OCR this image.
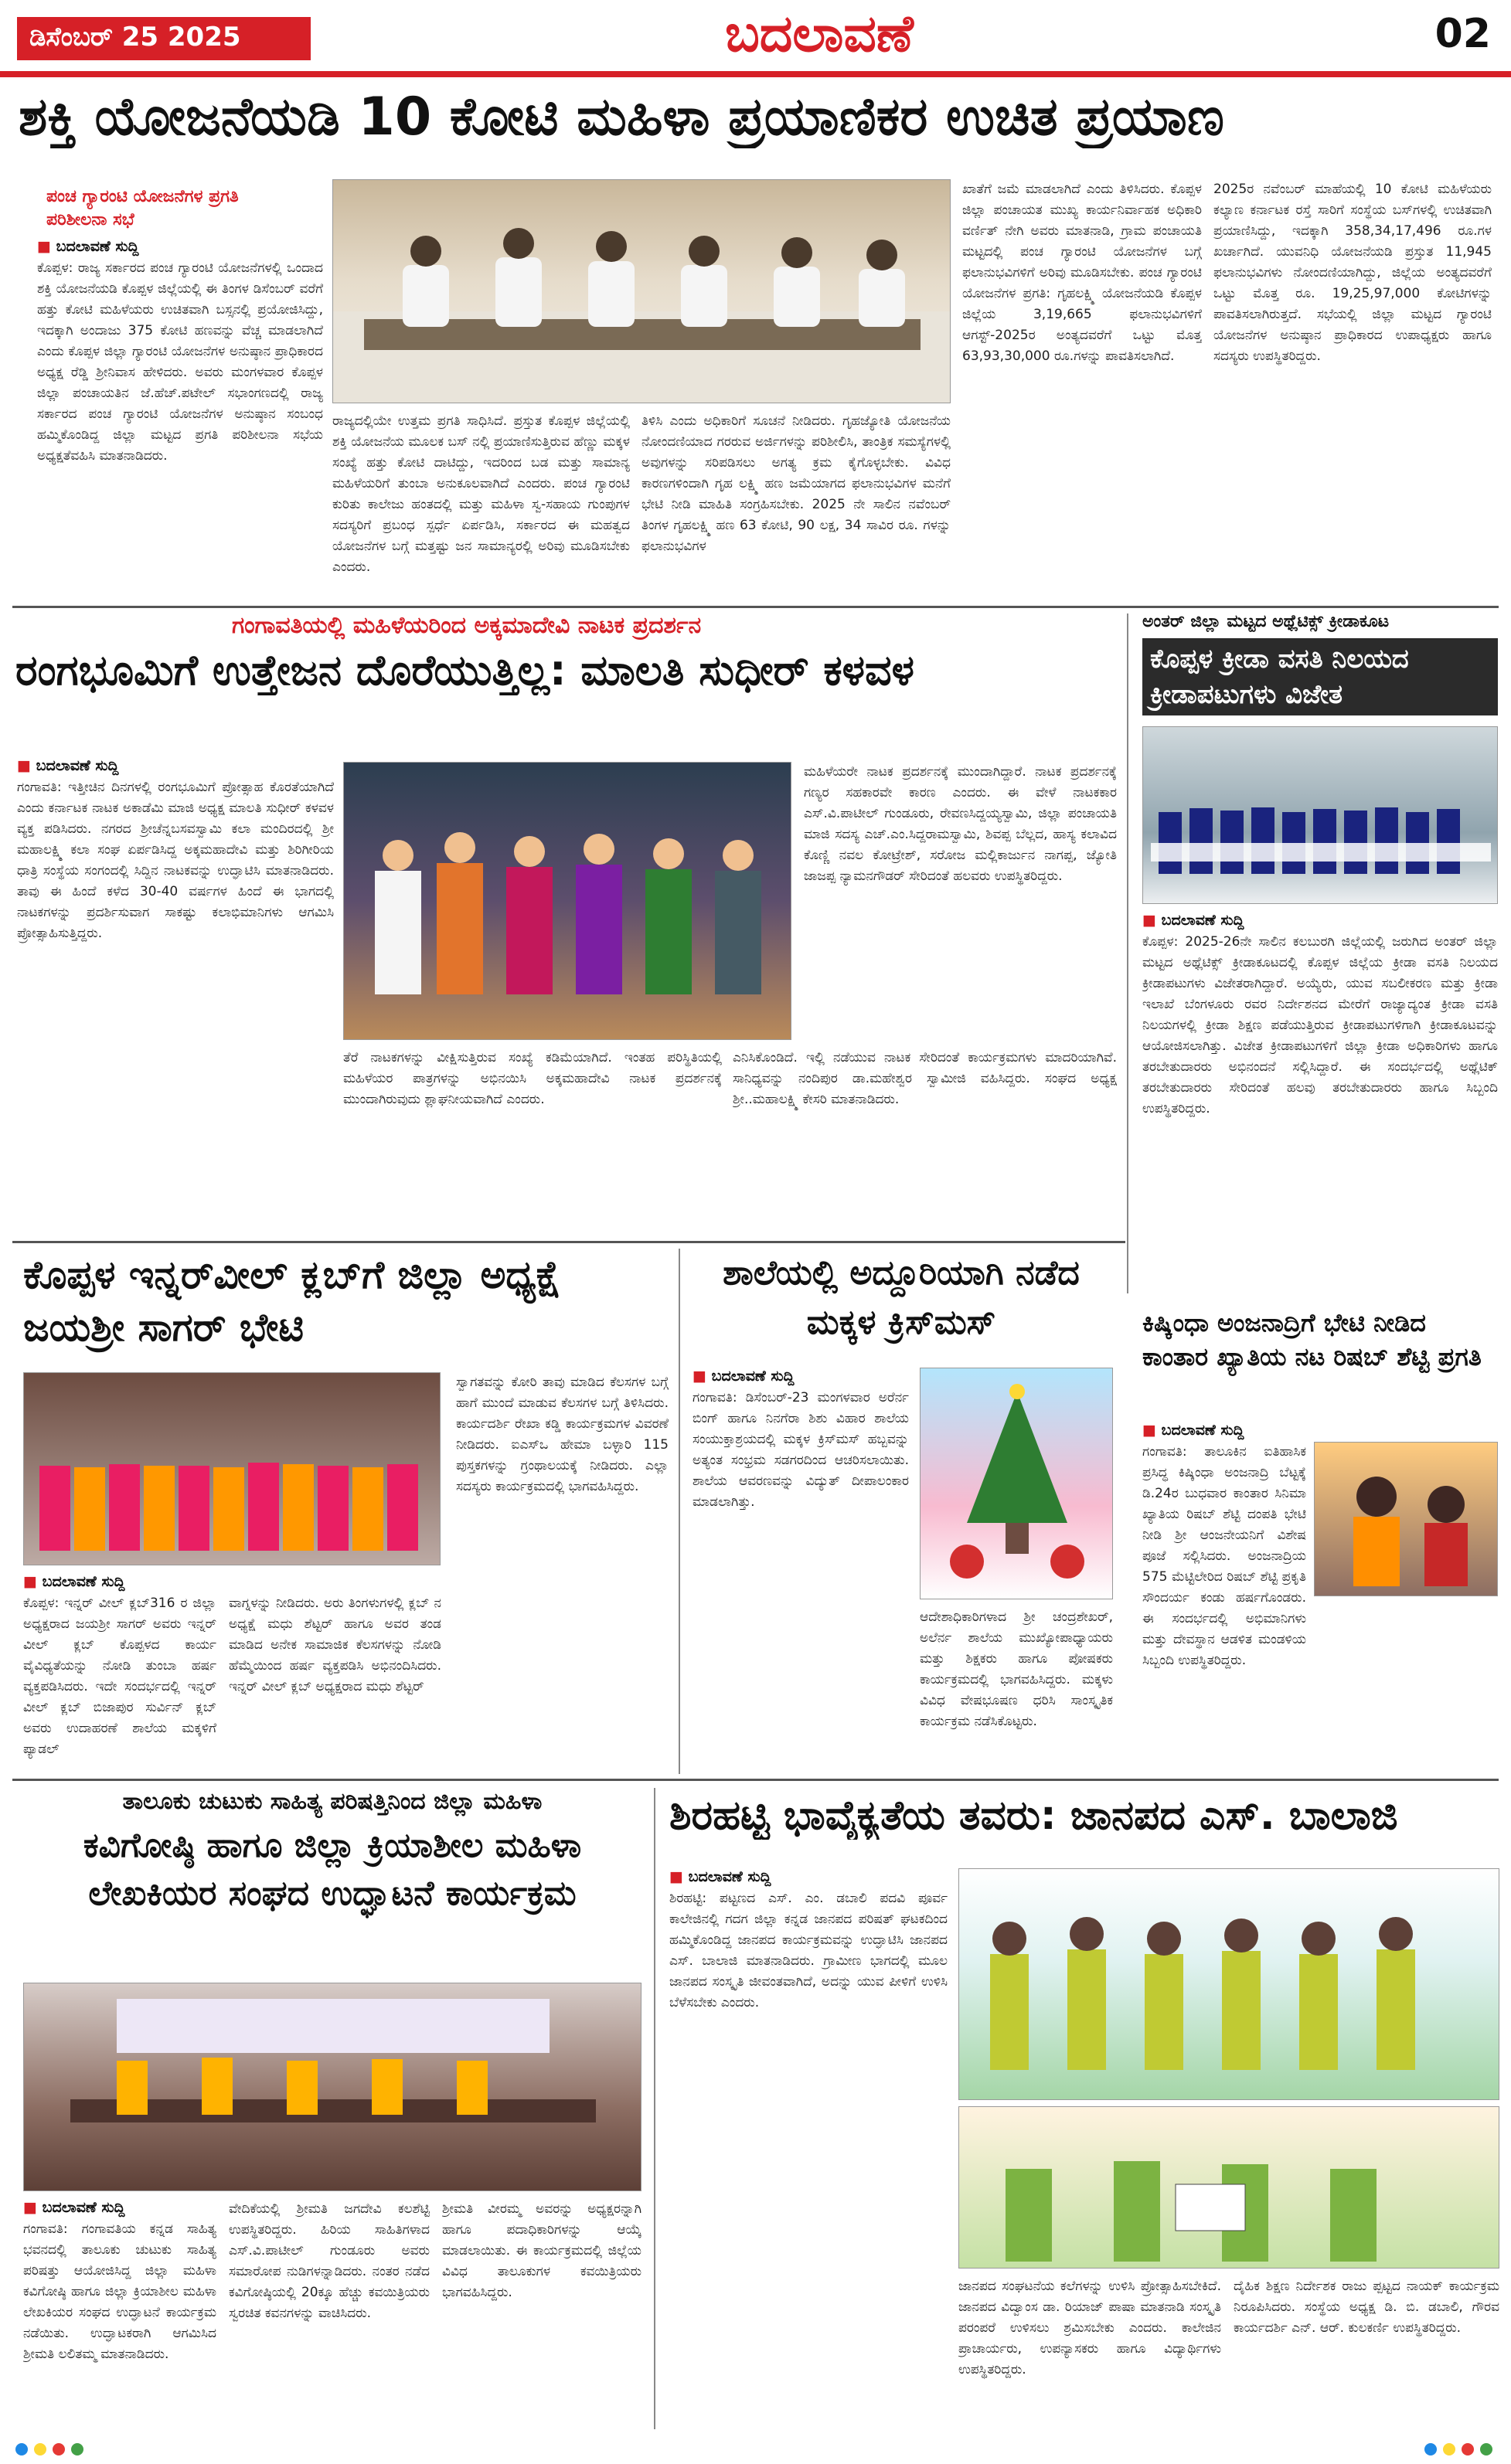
ಡಿಸೆಂಬರ್ 25 2025	ಬದಲಾವಣೆ	02
ಶಕ್ತಿ ಯೋಜನೆಯಡಿ 10 ಕೋಟಿ ಮಹಿಳಾ ಪ್ರಯಾಣಿಕರ ಉಚಿತ ಪ್ರಯಾಣ
ಪಂಚ ಗ್ಯಾರಂಟಿ ಯೋಜನೆಗಳ ಪ್ರಗತಿ ಪರಿಶೀಲನಾ ಸಭೆ
■ ಬದಲಾವಣೆ ಸುದ್ದಿ
ಕೊಪ್ಪಳ: ರಾಜ್ಯ ಸರ್ಕಾರದ ಪಂಚ ಗ್ಯಾರಂಟಿ ಯೋಜನೆಗಳಲ್ಲಿ ಒಂದಾದ ಶಕ್ತಿ ಯೋಜನೆಯಡಿ ಕೊಪ್ಪಳ ಜಿಲ್ಲೆಯಲ್ಲಿ ಈ ತಿಂಗಳ ಡಿಸೆಂಬರ್ ವರೆಗೆ ಹತ್ತು ಕೋಟಿ ಮಹಿಳೆಯರು ಉಚಿತವಾಗಿ ಬಸ್ಸನಲ್ಲಿ ಪ್ರಯೋಜಿಸಿದ್ದು, ಇದಕ್ಕಾಗಿ ಅಂದಾಜು 375 ಕೋಟಿ ಹಣವನ್ನು ವೆಚ್ಚ ಮಾಡಲಾಗಿದೆ ಎಂದು ಕೊಪ್ಪಳ ಜಿಲ್ಲಾ ಗ್ಯಾರಂಟಿ ಯೋಜನೆಗಳ ಅನುಷ್ಠಾನ ಪ್ರಾಧಿಕಾರದ ಅಧ್ಯಕ್ಷ ರೆಡ್ಡಿ ಶ್ರೀನಿವಾಸ ಹೇಳಿದರು. ಅವರು ಮಂಗಳವಾರ ಕೊಪ್ಪಳ ಜಿಲ್ಲಾ ಪಂಚಾಯತಿನ ಜೆ.ಹೆಚ್.ಪಟೇಲ್ ಸಭಾಂಗಣದಲ್ಲಿ ರಾಜ್ಯ ಸರ್ಕಾರದ ಪಂಚ ಗ್ಯಾರಂಟಿ ಯೋಜನೆಗಳ ಅನುಷ್ಠಾನ ಸಂಬಂಧ ಹಮ್ಮಿಕೊಂಡಿದ್ದ ಜಿಲ್ಲಾ ಮಟ್ಟದ ಪ್ರಗತಿ ಪರಿಶೀಲನಾ ಸಭೆಯ ಅಧ್ಯಕ್ಷತೆವಹಿಸಿ ಮಾತನಾಡಿದರು.
ರಾಜ್ಯದಲ್ಲಿಯೇ ಉತ್ತಮ ಪ್ರಗತಿ ಸಾಧಿಸಿದೆ. ಪ್ರಸ್ತುತ ಕೊಪ್ಪಳ ಜಿಲ್ಲೆಯಲ್ಲಿ ಶಕ್ತಿ ಯೋಜನೆಯ ಮೂಲಕ ಬಸ್ ನಲ್ಲಿ ಪ್ರಯಾಣಿಸುತ್ತಿರುವ ಹೆಣ್ಣು ಮಕ್ಕಳ ಸಂಖ್ಯೆ ಹತ್ತು ಕೋಟಿ ದಾಟಿದ್ದು, ಇದರಿಂದ ಬಡ ಮತ್ತು ಸಾಮಾನ್ಯ ಮಹಿಳೆಯರಿಗೆ ತುಂಬಾ ಅನುಕೂಲವಾಗಿದೆ ಎಂದರು. ಪಂಚ ಗ್ಯಾರಂಟಿ ಕುರಿತು ಕಾಲೇಜು ಹಂತದಲ್ಲಿ ಮತ್ತು ಮಹಿಳಾ ಸ್ವ-ಸಹಾಯ ಗುಂಪುಗಳ ಸದಸ್ಯರಿಗೆ ಪ್ರಬಂಧ ಸ್ಪರ್ಧೆ ಏರ್ಪಡಿಸಿ, ಸರ್ಕಾರದ ಈ ಮಹತ್ವದ ಯೋಜನೆಗಳ ಬಗ್ಗೆ ಮತ್ತಷ್ಟು ಜನ ಸಾಮಾನ್ಯರಲ್ಲಿ ಅರಿವು ಮೂಡಿಸಬೇಕು ಎಂದರು.
ತಿಳಿಸಿ ಎಂದು ಅಧಿಕಾರಿಗೆ ಸೂಚನೆ ನೀಡಿದರು. ಗೃಹಜ್ಯೋತಿ ಯೋಜನೆಯ ನೋಂದಣಿಯಾದ ಗರರುವ ಅರ್ಜಿಗಳನ್ನು ಪರಿಶೀಲಿಸಿ, ತಾಂತ್ರಿಕ ಸಮಸ್ಯೆಗಳಲ್ಲಿ ಅವುಗಳನ್ನು ಸರಿಪಡಿಸಲು ಅಗತ್ಯ ಕ್ರಮ ಕೈಗೊಳ್ಳಬೇಕು. ವಿವಿಧ ಕಾರಣಗಳಿಂದಾಗಿ ಗೃಹ ಲಕ್ಷ್ಮಿ ಹಣ ಜಮೆಯಾಗದ ಫಲಾನುಭವಿಗಳ ಮನೆಗೆ ಭೇಟಿ ನೀಡಿ ಮಾಹಿತಿ ಸಂಗ್ರಹಿಸಬೇಕು. 2025 ನೇ ಸಾಲಿನ ನವೆಂಬರ್ ತಿಂಗಳ ಗೃಹಲಕ್ಷ್ಮಿ ಹಣ 63 ಕೋಟಿ, 90 ಲಕ್ಷ, 34 ಸಾವಿರ ರೂ. ಗಳನ್ನು ಫಲಾನುಭವಿಗಳ
ಖಾತೆಗೆ ಜಮೆ ಮಾಡಲಾಗಿದೆ ಎಂದು ತಿಳಿಸಿದರು. ಕೊಪ್ಪಳ ಜಿಲ್ಲಾ ಪಂಚಾಯತ ಮುಖ್ಯ ಕಾರ್ಯನಿರ್ವಾಹಕ ಅಧಿಕಾರಿ ವರ್ಣಿತ್ ನೇಗಿ ಅವರು ಮಾತನಾಡಿ, ಗ್ರಾಮ ಪಂಚಾಯತಿ ಮಟ್ಟದಲ್ಲಿ ಪಂಚ ಗ್ಯಾರಂಟಿ ಯೋಜನೆಗಳ ಬಗ್ಗೆ ಫಲಾನುಭವಿಗಳಿಗೆ ಅರಿವು ಮೂಡಿಸಬೇಕು. ಪಂಚ ಗ್ಯಾರಂಟಿ ಯೋಜನೆಗಳ ಪ್ರಗತಿ: ಗೃಹಲಕ್ಷ್ಮಿ ಯೋಜನೆಯಡಿ ಕೊಪ್ಪಳ ಜಿಲ್ಲೆಯ 3,19,665 ಫಲಾನುಭವಿಗಳಿಗೆ ಆಗಸ್ಟ್-2025ರ ಅಂತ್ಯದವರೆಗೆ ಒಟ್ಟು ಮೊತ್ತ 63,93,30,000 ರೂ.ಗಳನ್ನು ಪಾವತಿಸಲಾಗಿದೆ.
2025ರ ನವೆಂಬರ್ ಮಾಹೆಯಲ್ಲಿ 10 ಕೋಟಿ ಮಹಿಳೆಯರು ಕಲ್ಯಾಣ ಕರ್ನಾಟಕ ರಸ್ತೆ ಸಾರಿಗೆ ಸಂಸ್ಥೆಯ ಬಸ್‌ಗಳಲ್ಲಿ ಉಚಿತವಾಗಿ ಪ್ರಯಾಣಿಸಿದ್ದು, ಇದಕ್ಕಾಗಿ 358,34,17,496 ರೂ.ಗಳ ಖರ್ಚಾಗಿದೆ. ಯುವನಿಧಿ ಯೋಜನೆಯಡಿ ಪ್ರಸ್ತುತ 11,945 ಫಲಾನುಭವಿಗಳು ನೋಂದಣಿಯಾಗಿದ್ದು, ಜಿಲ್ಲೆಯ ಅಂತ್ಯದವರೆಗೆ ಒಟ್ಟು ಮೊತ್ತ ರೂ. 19,25,97,000 ಕೋಟಿಗಳನ್ನು ಪಾವತಿಸಲಾಗಿರುತ್ತದೆ. ಸಭೆಯಲ್ಲಿ ಜಿಲ್ಲಾ ಮಟ್ಟದ ಗ್ಯಾರಂಟಿ ಯೋಜನೆಗಳ ಅನುಷ್ಠಾನ ಪ್ರಾಧಿಕಾರದ ಉಪಾಧ್ಯಕ್ಷರು ಹಾಗೂ ಸದಸ್ಯರು ಉಪಸ್ಥಿತರಿದ್ದರು.
ಗಂಗಾವತಿಯಲ್ಲಿ ಮಹಿಳೆಯರಿಂದ ಅಕ್ಕಮಾದೇವಿ ನಾಟಕ ಪ್ರದರ್ಶನ
ರಂಗಭೂಮಿಗೆ ಉತ್ತೇಜನ ದೊರೆಯುತ್ತಿಲ್ಲ: ಮಾಲತಿ ಸುಧೀರ್ ಕಳವಳ
■ ಬದಲಾವಣೆ ಸುದ್ದಿ
ಗಂಗಾವತಿ: ಇತ್ತೀಚಿನ ದಿನಗಳಲ್ಲಿ ರಂಗಭೂಮಿಗೆ ಪ್ರೋತ್ಸಾಹ ಕೊರತೆಯಾಗಿದೆ ಎಂದು ಕರ್ನಾಟಕ ನಾಟಕ ಅಕಾಡೆಮಿ ಮಾಜಿ ಅಧ್ಯಕ್ಷ ಮಾಲತಿ ಸುಧೀರ್ ಕಳವಳ ವ್ಯಕ್ತ ಪಡಿಸಿದರು. ನಗರದ ಶ್ರೀಚೆನ್ನಬಸವಸ್ವಾಮಿ ಕಲಾ ಮಂದಿರದಲ್ಲಿ ಶ್ರೀ ಮಹಾಲಕ್ಷ್ಮಿ ಕಲಾ ಸಂಘ ಏರ್ಪಡಿಸಿದ್ದ ಅಕ್ಕಮಹಾದೇವಿ ಮತ್ತು ಶಿರಿಗೀರಿಯ ಧಾತ್ರಿ ಸಂಸ್ಥೆಯ ಸಂಗಂದಲ್ಲಿ ಸಿದ್ದಿನ ನಾಟಕವನ್ನು ಉದ್ಘಾಟಿಸಿ ಮಾತನಾಡಿದರು. ತಾವು ಈ ಹಿಂದೆ ಕಳೆದ 30-40 ವರ್ಷಗಳ ಹಿಂದೆ ಈ ಭಾಗದಲ್ಲಿ ನಾಟಕಗಳನ್ನು ಪ್ರದರ್ಶಿಸುವಾಗ ಸಾಕಷ್ಟು ಕಲಾಭಿಮಾನಿಗಳು ಆಗಮಿಸಿ ಪ್ರೋತ್ಸಾಹಿಸುತ್ತಿದ್ದರು.
ಮಹಿಳೆಯರೇ ನಾಟಕ ಪ್ರದರ್ಶನಕ್ಕೆ ಮುಂದಾಗಿದ್ದಾರೆ. ನಾಟಕ ಪ್ರದರ್ಶನಕ್ಕೆ ಗಣ್ಯರ ಸಹಕಾರವೇ ಕಾರಣ ಎಂದರು. ಈ ವೇಳೆ ನಾಟಕಕಾರ ಎಸ್.ವಿ.ಪಾಟೀಲ್ ಗುಂಡೂರು, ರೇವಣಸಿದ್ದಯ್ಯಸ್ವಾಮಿ, ಜಿಲ್ಲಾ ಪಂಚಾಯತಿ ಮಾಜಿ ಸದಸ್ಯ ಎಚ್.ಎಂ.ಸಿದ್ದರಾಮಸ್ವಾಮಿ, ಶಿವಪ್ಪ ಬೆಲ್ಲದ, ಹಾಸ್ಯ ಕಲಾವಿದ ಕೊಣ್ಣಿ ನವಲ ಕೋಟ್ರೇಶ್, ಸರೋಜ ಮಲ್ಲಿಕಾರ್ಜುನ ನಾಗಪ್ಪ, ಜ್ಯೋತಿ ಜಾಜಪ್ಪ ನ್ಯಾಮನಗೌಡರ್ ಸೇರಿದಂತೆ ಹಲವರು ಉಪಸ್ಥಿತರಿದ್ದರು.
ತೆರೆ ನಾಟಕಗಳನ್ನು ವೀಕ್ಷಿಸುತ್ತಿರುವ ಸಂಖ್ಯೆ ಕಡಿಮೆಯಾಗಿದೆ. ಇಂತಹ ಪರಿಸ್ಥಿತಿಯಲ್ಲಿ ಮಹಿಳೆಯರ ಪಾತ್ರಗಳನ್ನು ಅಭಿನಯಿಸಿ ಅಕ್ಕಮಹಾದೇವಿ ನಾಟಕ ಪ್ರದರ್ಶನಕ್ಕೆ ಮುಂದಾಗಿರುವುದು ಶ್ಲಾಘನೀಯವಾಗಿದೆ ಎಂದರು.
ಎನಿಸಿಕೊಂಡಿದೆ. ಇಲ್ಲಿ ನಡೆಯುವ ನಾಟಕ ಸೇರಿದಂತೆ ಕಾರ್ಯಕ್ರಮಗಳು ಮಾದರಿಯಾಗಿವೆ. ಸಾನಿಧ್ಯವನ್ನು ನಂದಿಪುರ ಡಾ.ಮಹೇಶ್ವರ ಸ್ವಾಮೀಜಿ ವಹಿಸಿದ್ದರು. ಸಂಘದ ಅಧ್ಯಕ್ಷ ಶ್ರೀ..ಮಹಾಲಕ್ಷ್ಮಿ ಕೇಸರಿ ಮಾತನಾಡಿದರು.
ಅಂತರ್ ಜಿಲ್ಲಾ ಮಟ್ಟದ ಅಥ್ಲೆಟಿಕ್ಸ್ ಕ್ರೀಡಾಕೂಟ
ಕೊಪ್ಪಳ ಕ್ರೀಡಾ ವಸತಿ ನಿಲಯದ ಕ್ರೀಡಾಪಟುಗಳು ವಿಜೇತ
■ ಬದಲಾವಣೆ ಸುದ್ದಿ
ಕೊಪ್ಪಳ: 2025-26ನೇ ಸಾಲಿನ ಕಲಬುರಗಿ ಜಿಲ್ಲೆಯಲ್ಲಿ ಜರುಗಿದ ಅಂತರ್ ಜಿಲ್ಲಾ ಮಟ್ಟದ ಅಥ್ಲೆಟಿಕ್ಸ್ ಕ್ರೀಡಾಕೂಟದಲ್ಲಿ ಕೊಪ್ಪಳ ಜಿಲ್ಲೆಯ ಕ್ರೀಡಾ ವಸತಿ ನಿಲಯದ ಕ್ರೀಡಾಪಟುಗಳು ವಿಜೇತರಾಗಿದ್ದಾರೆ. ಅಯ್ಯೆರು, ಯುವ ಸಬಲೀಕರಣ ಮತ್ತು ಕ್ರೀಡಾ ಇಲಾಖೆ ಬೆಂಗಳೂರು ರವರ ನಿರ್ದೇಶನದ ಮೇರೆಗೆ ರಾಜ್ಯಾದ್ಯಂತ ಕ್ರೀಡಾ ವಸತಿ ನಿಲಯಗಳಲ್ಲಿ ಕ್ರೀಡಾ ಶಿಕ್ಷಣ ಪಡೆಯುತ್ತಿರುವ ಕ್ರೀಡಾಪಟುಗಳಿಗಾಗಿ ಕ್ರೀಡಾಕೂಟವನ್ನು ಆಯೋಜಿಸಲಾಗಿತ್ತು. ವಿಜೇತ ಕ್ರೀಡಾಪಟುಗಳಿಗೆ ಜಿಲ್ಲಾ ಕ್ರೀಡಾ ಅಧಿಕಾರಿಗಳು ಹಾಗೂ ತರಬೇತುದಾರರು ಅಭಿನಂದನೆ ಸಲ್ಲಿಸಿದ್ದಾರೆ. ಈ ಸಂದರ್ಭದಲ್ಲಿ ಅಥ್ಲೆಟಿಕ್ ತರಬೇತುದಾರರು ಸೇರಿದಂತೆ ಹಲವು ತರಬೇತುದಾರರು ಹಾಗೂ ಸಿಬ್ಬಂದಿ ಉಪಸ್ಥಿತರಿದ್ದರು.
ಕೊಪ್ಪಳ ಇನ್ನರ್‌ವೀಲ್ ಕ್ಲಬ್‌ಗೆ ಜಿಲ್ಲಾ ಅಧ್ಯಕ್ಷೆ ಜಯಶ್ರೀ ಸಾಗರ್ ಭೇಟಿ
■ ಬದಲಾವಣೆ ಸುದ್ದಿ
ಕೊಪ್ಪಳ: ಇನ್ನರ್ ವೀಲ್ ಕ್ಲಬ್316 ರ ಜಿಲ್ಲಾ ಅಧ್ಯಕ್ಷರಾದ ಜಯಶ್ರೀ ಸಾಗರ್ ಅವರು ಇನ್ನರ್ ವೀಲ್ ಕ್ಲಬ್ ಕೊಪ್ಪಳದ ಕಾರ್ಯ ವೈವಿಧ್ಯತೆಯನ್ನು ನೋಡಿ ತುಂಬಾ ಹರ್ಷ ವ್ಯಕ್ತಪಡಿಸಿದರು. ಇದೇ ಸಂದರ್ಭದಲ್ಲಿ ಇನ್ನರ್ ವೀಲ್ ಕ್ಲಬ್ ಬಿಜಾಪುರ ಸುರ್ವಿನ್ ಕ್ಲಬ್ ಅವರು ಉದಾಹರಣೆ ಶಾಲೆಯ ಮಕ್ಕಳಿಗೆ ಪ್ಯಾಡಲ್
ವಾಗ್ನಳನ್ನು ನೀಡಿದರು. ಅರು ತಿಂಗಳುಗಳಲ್ಲಿ ಕ್ಲಬ್ ನ ಅಧ್ಯಕ್ಷೆ ಮಧು ಶೆಟ್ಟರ್ ಹಾಗೂ ಅವರ ತಂಡ ಮಾಡಿದ ಅನೇಕ ಸಾಮಾಜಿಕ ಕೆಲಸಗಳನ್ನು ನೋಡಿ ಹೆಮ್ಮೆಯಿಂದ ಹರ್ಷ ವ್ಯಕ್ತಪಡಿಸಿ ಅಭಿನಂದಿಸಿದರು. ಇನ್ನರ್ ವೀಲ್ ಕ್ಲಬ್ ಅಧ್ಯಕ್ಷರಾದ ಮಧು ಶೆಟ್ಟರ್
ಸ್ವಾಗತವನ್ನು ಕೋರಿ ತಾವು ಮಾಡಿದ ಕೆಲಸಗಳ ಬಗ್ಗೆ ಹಾಗೆ ಮುಂದೆ ಮಾಡುವ ಕೆಲಸಗಳ ಬಗ್ಗೆ ತಿಳಿಸಿದರು. ಕಾರ್ಯದರ್ಶಿ ರೇಖಾ ಕಡ್ಡಿ ಕಾರ್ಯಕ್ರಮಗಳ ವಿವರಣೆ ನೀಡಿದರು. ಐಎಸ್‌ಒ ಹೇಮಾ ಬಳ್ಳಾರಿ 115 ಪುಸ್ತಕಗಳನ್ನು ಗ್ರಂಥಾಲಯಕ್ಕೆ ನೀಡಿದರು. ಎಲ್ಲಾ ಸದಸ್ಯರು ಕಾರ್ಯಕ್ರಮದಲ್ಲಿ ಭಾಗವಹಿಸಿದ್ದರು.
ಶಾಲೆಯಲ್ಲಿ ಅದ್ದೂರಿಯಾಗಿ ನಡೆದ ಮಕ್ಕಳ ಕ್ರಿಸ್‌ಮಸ್
■ ಬದಲಾವಣೆ ಸುದ್ದಿ
ಗಂಗಾವತಿ: ಡಿಸೆಂಬರ್-23 ಮಂಗಳವಾರ ಅರೆರ್ನ ಬಿಂಗ್ ಹಾಗೂ ನಿನಗೆರಾ ಶಿಶು ವಿಹಾರ ಶಾಲೆಯ ಸಂಯುಕ್ತಾಶ್ರಯದಲ್ಲಿ ಮಕ್ಕಳ ಕ್ರಿಸ್‌ಮಸ್ ಹಬ್ಬವನ್ನು ಅತ್ಯಂತ ಸಂಭ್ರಮ ಸಡಗರದಿಂದ ಆಚರಿಸಲಾಯಿತು. ಶಾಲೆಯ ಆವರಣವನ್ನು ವಿದ್ಯುತ್ ದೀಪಾಲಂಕಾರ ಮಾಡಲಾಗಿತ್ತು.
ಆದೇಶಾಧಿಕಾರಿಗಳಾದ ಶ್ರೀ ಚಂದ್ರಶೇಖರ್, ಅಲೆರ್ನ ಶಾಲೆಯ ಮುಖ್ಯೋಪಾಧ್ಯಾಯರು ಮತ್ತು ಶಿಕ್ಷಕರು ಹಾಗೂ ಪೋಷಕರು ಕಾರ್ಯಕ್ರಮದಲ್ಲಿ ಭಾಗವಹಿಸಿದ್ದರು. ಮಕ್ಕಳು ವಿವಿಧ ವೇಷಭೂಷಣ ಧರಿಸಿ ಸಾಂಸ್ಕೃತಿಕ ಕಾರ್ಯಕ್ರಮ ನಡೆಸಿಕೊಟ್ಟರು.
ಕಿಷ್ಕಿಂಧಾ ಅಂಜನಾದ್ರಿಗೆ ಭೇಟಿ ನೀಡಿದ ಕಾಂತಾರ ಖ್ಯಾತಿಯ ನಟ ರಿಷಬ್ ಶೆಟ್ಟಿ ಪ್ರಗತಿ
■ ಬದಲಾವಣೆ ಸುದ್ದಿ
ಗಂಗಾವತಿ: ತಾಲೂಕಿನ ಐತಿಹಾಸಿಕ ಪ್ರಸಿದ್ಧ ಕಿಷ್ಕಿಂಧಾ ಅಂಜನಾದ್ರಿ ಬೆಟ್ಟಕ್ಕೆ ಡಿ.24ರ ಬುಧವಾರ ಕಾಂತಾರ ಸಿನಿಮಾ ಖ್ಯಾತಿಯ ರಿಷಬ್ ಶೆಟ್ಟಿ ದಂಪತಿ ಭೇಟಿ ನೀಡಿ ಶ್ರೀ ಆಂಜನೇಯನಿಗೆ ವಿಶೇಷ ಪೂಜೆ ಸಲ್ಲಿಸಿದರು. ಅಂಜನಾದ್ರಿಯ 575 ಮೆಟ್ಟಿಲೇರಿದ ರಿಷಬ್ ಶೆಟ್ಟಿ ಪ್ರಕೃತಿ ಸೌಂದರ್ಯ ಕಂಡು ಹರ್ಷಗೊಂಡರು. ಈ ಸಂದರ್ಭದಲ್ಲಿ ಅಭಿಮಾನಿಗಳು ಮತ್ತು ದೇವಸ್ಥಾನ ಆಡಳಿತ ಮಂಡಳಿಯ ಸಿಬ್ಬಂದಿ ಉಪಸ್ಥಿತರಿದ್ದರು.
ತಾಲೂಕು ಚುಟುಕು ಸಾಹಿತ್ಯ ಪರಿಷತ್ತಿನಿಂದ ಜಿಲ್ಲಾ ಮಹಿಳಾ
ಕವಿಗೋಷ್ಠಿ ಹಾಗೂ ಜಿಲ್ಲಾ ಕ್ರಿಯಾಶೀಲ ಮಹಿಳಾ ಲೇಖಕಿಯರ ಸಂಘದ ಉದ್ಘಾಟನೆ ಕಾರ್ಯಕ್ರಮ
■ ಬದಲಾವಣೆ ಸುದ್ದಿ
ಗಂಗಾವತಿ: ಗಂಗಾವತಿಯ ಕನ್ನಡ ಸಾಹಿತ್ಯ ಭವನದಲ್ಲಿ ತಾಲೂಕು ಚುಟುಕು ಸಾಹಿತ್ಯ ಪರಿಷತ್ತು ಆಯೋಜಿಸಿದ್ದ ಜಿಲ್ಲಾ ಮಹಿಳಾ ಕವಿಗೋಷ್ಠಿ ಹಾಗೂ ಜಿಲ್ಲಾ ಕ್ರಿಯಾಶೀಲ ಮಹಿಳಾ ಲೇಖಕಿಯರ ಸಂಘದ ಉದ್ಘಾಟನೆ ಕಾರ್ಯಕ್ರಮ ನಡೆಯಿತು. ಉದ್ಘಾಟಕರಾಗಿ ಆಗಮಿಸಿದ ಶ್ರೀಮತಿ ಲಲಿತಮ್ಮ ಮಾತನಾಡಿದರು.
ವೇದಿಕೆಯಲ್ಲಿ ಶ್ರೀಮತಿ ಜಗದೇವಿ ಕಲಶೆಟ್ಟಿ ಉಪಸ್ಥಿತರಿದ್ದರು. ಹಿರಿಯ ಸಾಹಿತಿಗಳಾದ ಎಸ್.ವಿ.ಪಾಟೀಲ್ ಗುಂಡೂರು ಅವರು ಸಮಾರೋಪ ನುಡಿಗಳನ್ನಾಡಿದರು. ನಂತರ ನಡೆದ ಕವಿಗೋಷ್ಠಿಯಲ್ಲಿ 20ಕ್ಕೂ ಹೆಚ್ಚು ಕವಯಿತ್ರಿಯರು ಸ್ವರಚಿತ ಕವನಗಳನ್ನು ವಾಚಿಸಿದರು.
ಶ್ರೀಮತಿ ವೀರಮ್ಮ ಅವರನ್ನು ಅಧ್ಯಕ್ಷರನ್ನಾಗಿ ಹಾಗೂ ಪದಾಧಿಕಾರಿಗಳನ್ನು ಆಯ್ಕೆ ಮಾಡಲಾಯಿತು. ಈ ಕಾರ್ಯಕ್ರಮದಲ್ಲಿ ಜಿಲ್ಲೆಯ ವಿವಿಧ ತಾಲೂಕುಗಳ ಕವಯಿತ್ರಿಯರು ಭಾಗವಹಿಸಿದ್ದರು.
ಶಿರಹಟ್ಟಿ ಭಾವೈಕ್ಯತೆಯ ತವರು: ಜಾನಪದ ಎಸ್. ಬಾಲಾಜಿ
■ ಬದಲಾವಣೆ ಸುದ್ದಿ
ಶಿರಹಟ್ಟಿ: ಪಟ್ಟಣದ ಎಸ್. ಎಂ. ಡಬಾಲಿ ಪದವಿ ಪೂರ್ವ ಕಾಲೇಜಿನಲ್ಲಿ ಗದಗ ಜಿಲ್ಲಾ ಕನ್ನಡ ಜಾನಪದ ಪರಿಷತ್ ಘಟಕದಿಂದ ಹಮ್ಮಿಕೊಂಡಿದ್ದ ಜಾನಪದ ಕಾರ್ಯಕ್ರಮವನ್ನು ಉದ್ಘಾಟಿಸಿ ಜಾನಪದ ಎಸ್. ಬಾಲಾಜಿ ಮಾತನಾಡಿದರು. ಗ್ರಾಮೀಣ ಭಾಗದಲ್ಲಿ ಮೂಲ ಜಾನಪದ ಸಂಸ್ಕೃತಿ ಜೀವಂತವಾಗಿದೆ, ಅದನ್ನು ಯುವ ಪೀಳಿಗೆ ಉಳಿಸಿ ಬೆಳೆಸಬೇಕು ಎಂದರು.
ಜಾನಪದ ಸಂಘಟನೆಯ ಕಲೆಗಳನ್ನು ಉಳಿಸಿ ಪ್ರೋತ್ಸಾಹಿಸಬೇಕಿದೆ. ಜಾನಪದ ವಿದ್ವಾಂಸ ಡಾ. ರಿಯಾಜ್ ಪಾಷಾ ಮಾತನಾಡಿ ಸಂಸ್ಕೃತಿ ಪರಂಪರೆ ಉಳಿಸಲು ಶ್ರಮಿಸಬೇಕು ಎಂದರು. ಕಾಲೇಜಿನ ಪ್ರಾಚಾರ್ಯರು, ಉಪನ್ಯಾಸಕರು ಹಾಗೂ ವಿದ್ಯಾರ್ಥಿಗಳು ಉಪಸ್ಥಿತರಿದ್ದರು.
ದೈಹಿಕ ಶಿಕ್ಷಣ ನಿರ್ದೇಶಕ ರಾಜು ಪ್ಪಟ್ಟದ ನಾಯಕ್ ಕಾರ್ಯಕ್ರಮ ನಿರೂಪಿಸಿದರು. ಸಂಸ್ಥೆಯ ಅಧ್ಯಕ್ಷ ಡಿ. ಬಿ. ಡಬಾಲಿ, ಗೌರವ ಕಾರ್ಯದರ್ಶಿ ಎನ್. ಆರ್. ಕುಲಕರ್ಣಿ ಉಪಸ್ಥಿತರಿದ್ದರು.
